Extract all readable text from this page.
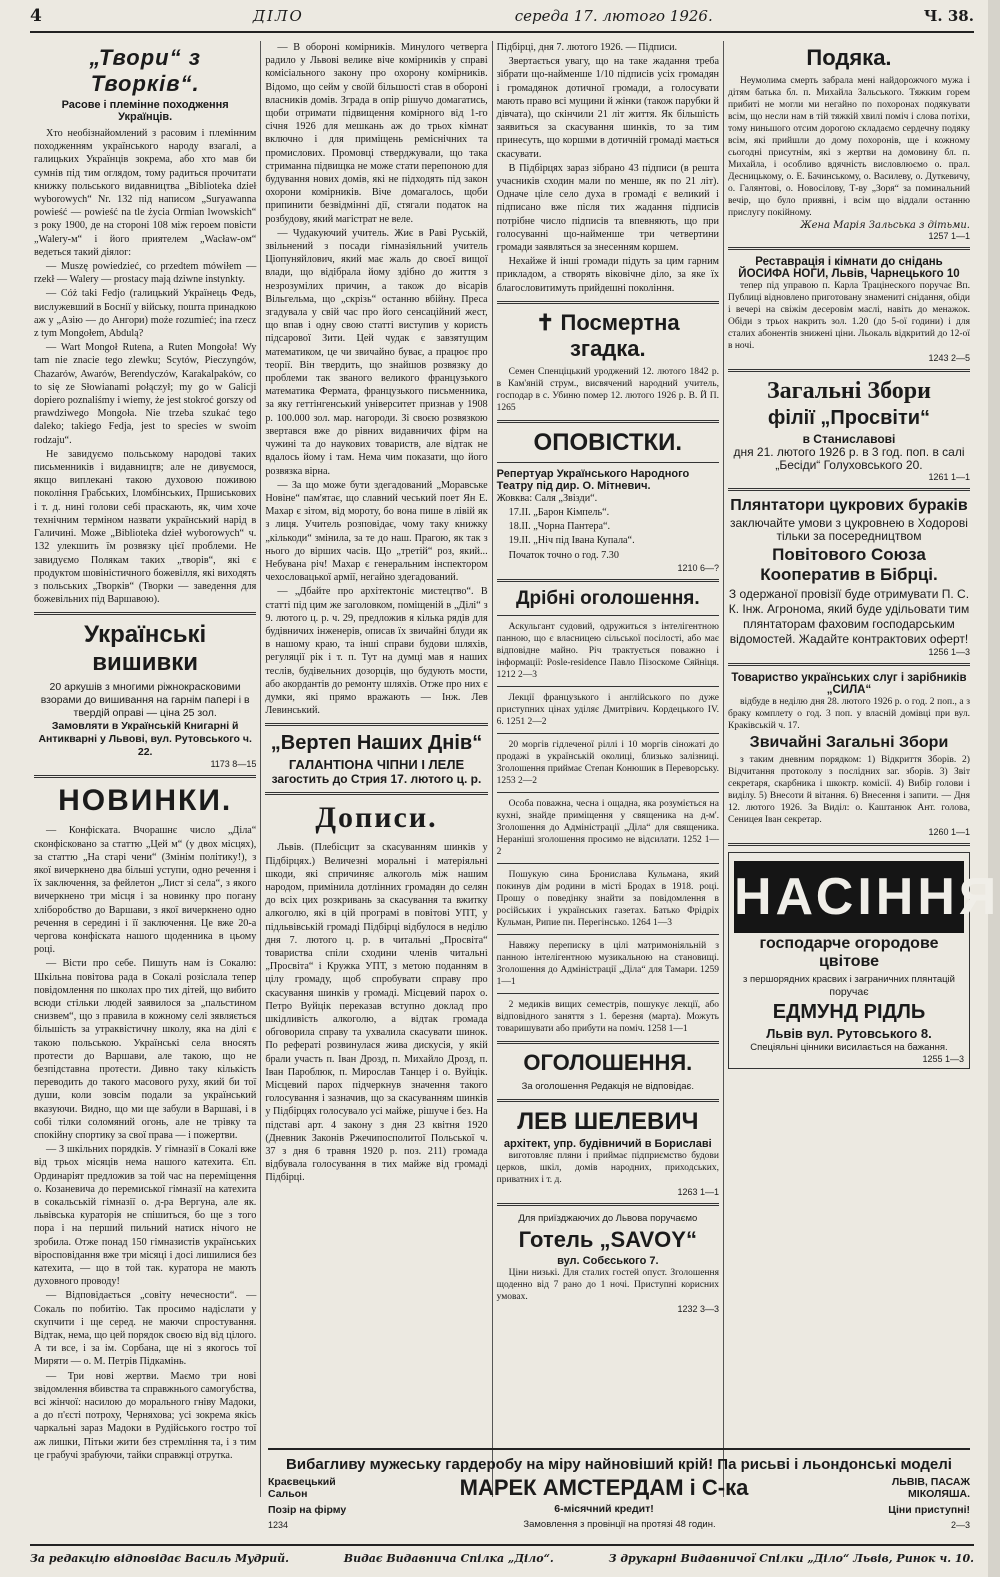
4	ДІЛО	середа 17. лютого 1926.	Ч. 38.
„Твори“ з Творків“.
Расове і племінне походження Українців.

Хто необізнайомлений з расовим і племінним походженням українського народу взагалі, а галицьких Українців зокрема, або хто мав би сумнів під тим оглядом, тому радиться прочитати книжку польського видавництва „Biblioteka dzieł wyborowych“ Nr. 132 під написом „Suryawanna powieść — powieść na tle życia Ormian lwowskich“ з року 1900, де на стороні 108 між героем повісти „Walery-м“ і його приятелем „Wacław-ом“ ведеться такий діялог:

— Muszę powiedzieć, co przedtem mówiłem — rzekł — Walery — prostacy mają dziwne instynkty.

— Cóż taki Fedjo (галицький Українець Федь, вислужевший в Боснії у війську, пошта принадкою аж у „Азію — до Ангори) może rozumieć; ina rzecz z tym Mongołem, Abdulą?

— Wart Mongoł Rutena, a Ruten Mongoła! Wy tam nie znacie tego zlewku; Scytów, Pieczyngów, Chazarów, Awarów, Berendyczów, Karakalpaków, co to się ze Słowianami połączył; my go w Galicji dopiero poznaliśmy i wiemy, że jest stokroć gorszy od prawdziwego Mongoła. Nie trzeba szukać tego daleko; takiego Fedja, jest to species w swoim rodzaju“.

Не завидуємо польському народові таких письменників і видавництв; але не дивуємося, якщо виплекані такою духовою поживою покоління Грабських, Іломбінських, Пршиськових і т. д. нині голови себі праскають, як, чим хоче технічним терміном назвати український нарід в Галичині. Може „Biblioteka dzieł wyborowych“ ч. 132 улекшить їм розвязку цієї проблеми. Не завидуємо Полякам таких „творів“, які є продуктом шовіністичного божевілля, які виходять з польських „Творків“ (Творки — заведення для божевільних під Варшавою).

Українські вишивки
20 аркушів з многими ріжнокрасковими взорами до вишивання на гарнім папері і в твердій оправі — ціна 25 зол.
Замовляти в Українській Книгарні й Антикварні у Львові, вул. Рутовського ч. 22.
1173 8—15
НОВИНКИ.

— Конфіската. Вчорашнє число „Діла“ сконфісковано за статтю „Цей м“ (у двох місцях), за статтю „На старі чени“ (Змінім політику!), з якої вичеркнено два більші уступи, одно речення і їх заключення, за фейлетон „Лист зі села“, з якого вичеркнено три місця і за новинку про погану хліборобство до Варшави, з якої вичеркнено одно речення в середині і її заключення. Це вже 20-а чергова конфіската нашого щоденника в цьому році.

— Вісти про себе. Пишуть нам із Сокалю: Шкільна повітова рада в Сокалі розіслала тепер повідомлення по школах про тих дітей, що вибито всюди стільки людей заявилося за „пальстином снизвем“, що з правила в кожному селі зявляється більшість за утраквістичну школу, яка на ділі є такою польською. Українські села вносять протести до Варшави, але такою, що не безпідставна протести. Дивно таку кількість переводить до такого масового руху, який би тої души, коли зовсім подали за український вказуючи. Видно, що ми ще забули в Варшаві, і в собі тілки соломяний огонь, але не трівку та спокійну спортику за свої права — і пожертви.

— З шкільних порядків. У гімназії в Сокалі вже від трьох місяців нема нашого катехита. Єп. Ординаріят предложив за той час на переміщення о. Козаневича до перемиської гімназії на катехита в сокальській гімназії о. д-ра Вергуна, але як. львівська кураторія не спішиться, бо ще з того пора і на перший пильний натиск нічого не зробила. Отже понад 150 гімназистів українських віросповідання вже три місяці і досі лишилися без катехита, — що в той так. куратора не мають духовного проводу!

— Відповідається „совіту нечесности“. — Сокаль по побитію. Так просимо надіслати у скупчити і ще серед. не маючи спростування. Відтак, нема, що цей порядок своєю від від цілого. А ти все, і за ім. Сорбана, ще ні з якогось тої Миряти — о. М. Петрів Підкамінь.

— Три нові жертви. Маємо три нові звідомлення вбивства та справжнього самогубства, всі жінчої: насилою до морального гніву Мадоки, а до п'єсті потроху, Черняхова; усі зокрема якісь чаркальні зараз Мадоки в Рудійського гостро тої аж лишки, Пітьки жити без стремління та, і з тим це грабучі зрабуючи, тайки справжці отрутка.

— В обороні комірників. Минулого четверга радило у Львові велике віче комірників у справі комісіального закону про охорону комірників. Відомо, що сейм у своїй більшості став в обороні власників домів. Зграда в опір рішучо домагатись, щоби отримати підвищення комірного від 1-го січня 1926 для мешкань аж до трьох кімнат включно і для приміщень реміснічних та промислових. Промовці стверджували, що така стриманна підвищка не може стати перепоною для будування нових домів, які не підходять під закон охорони комірників. Віче домагалось, щоби припинити безвідмінні дії, стягали податок на розбудову, який магістрат не веле.

— Чудакуючий учитель. Жиє в Раві Руській, звільнений з посади гімназіяльний учитель Ціопуняйлович, який має жаль до своєї вищої влади, що відібрала йому здібно до життя з незрозумілих причин, а також до вісарів Вільгельма, що „скрізь“ останню вбійну. Преса згадувала у свій час про його сенсаційний жест, що впав і одну свою статті виступив у користь підсарової Зити. Цей чудак є завзятущим математиком, це чи звичайно буває, а працює про теорії. Він твердить, що знайшов розвязку до проблеми так званого великого французького математика Фермата, французького письменника, за яку геттінгенський університет признав у 1908 р. 100.000 зол. мар. нагороди. Зі своєю розвязкою звертався вже до рівних видавничих фірм на чужині та до наукових товариств, але відтак не вдалось йому і там. Нема чим показати, що його розвязка вірна.

— За що може бути здегадований „Моравське Новіне“ пам'ятає, що славний чеський поет Ян Е. Махар є зітом, від мороту, бо вона пише в лівій як з лиця. Учитель розповідає, чому таку книжку „кількоди“ змінила, за те до наш. Прагою, як так з нього до вірших часів. Що „третій“ роз, який... Небувана річ! Махар є генеральним інспектором чехословацької армії, негайно здегадований.

— „Дбайте про архітектоніє мистецтво“. В статті під цим же заголовком, поміщеній в „Ділі“ з 9. лютого ц. р. ч. 29, предложив я кілька рядів для будівничих інженерів, описав їх звичайні блуди як в нашому краю, та інші справи будови шляхів, регуляції рік і т. п. Тут на думці мав я наших теслів, будівельних дозорців, що будують мости, або акордантів до ремонту шляхів. Отже про них є думки, які прямо вражають — Інж. Лев Левинський.

„Вертеп Наших Днів“
ГАЛАНТІОНА ЧІПНИ І ЛЕЛЕ
загостить до Стрия 17. лютого ц. р.
Дописи.

Львів. (Плебісцит за скасуванням шинків у Підбірцях.) Величезні моральні і матеріяльні шкоди, які спричиняє алкоголь між нашим народом, примінила дотлінних громадян до селян до всіх цих розкривань за скасування та вжитку алкоголю, які в цій програмі в повітові УПТ, у підльвівській громаді Підбірці відбулося в неділю дня 7. лютого ц. р. в читальні „Просвіта“ товариства спіли сходини членів читальні „Просвіта“ і Кружка УПТ, з метою поданням в цілу громаду, щоб спробувати справу про скасування шинків у громаді. Місцевий парох о. Петро Вуйцік переказав вступно доклад про шкідливість алкоголю, а відтак громада обговорила справу та ухвалила скасувати шинок. По рефераті розвинулася жива дискусія, у якій брали участь п. Іван Дрозд, п. Михайло Дрозд, п. Іван Пароблюк, п. Мирослав Танцер і о. Вуйцік. Місцевий парох підчеркнув значення такого голосування і зазначив, що за скасуванням шинків у Підбірцях голосувало усі майже, рішуче і без. На підставі арт. 4 закону з дня 23 квітня 1920 (Дневник Законів Ржечипосполитої Польської ч. 37 з дня 6 травня 1920 р. поз. 211) громада відбувала голосування в тих майже від громаді Підбірці.

Підбірці, дня 7. лютого 1926. — Підписи.

Звертається увагу, що на таке жадання треба зібрати що-найменше 1/10 підписів усіх громадян і громадянок дотичної громади, а голосувати мають право всі мущини й жінки (також парубки й дівчата), що скінчили 21 літ життя. Як більшість заявиться за скасування шинків, то за тим принесуть, що коршми в дотичній громаді мається скасувати.

В Підбірцях зараз зібрано 43 підписи (в решта учасників сходин мали по менше, як по 21 літ). Одначе ціле село духа в громаді є великий і підписано вже після тих жадання підписів потрібне число підписів та впевняють, що при голосуванні що-найменше три четвертини громади заявляться за знесенням коршем.

Нехайже й інші громади підуть за цим гарним прикладом, а створять віковічне діло, за яке їх благословитимуть прийдешні покоління.

✝ Посмертна згадка.

Семен Спенціцький уроджений 12. лютого 1842 р. в Кам'яній струм., висвячений народний учитель, господар в с. Убиню помер 12. лютого 1926 р. В. Й П. 1265

ОПОВІСТКИ.
Репертуар Українського Народного Театру під дир. О. Мітневич.
Жовква: Саля „Звізди“.
17.II. „Барон Кімпель“.
18.II. „Чорна Пантера“.
19.II. „Ніч під Івана Купала“.
Початок точно о год. 7.30
1210 6—?
Дрібні оголошення.

Аскульгант судовий, одружиться з інтелігентною панною, що є власницею сільської посілості, або має відповідне майно. Річ трактується поважно і інформації: Posle-residence Павло Пізоскоме Сяйніця. 1212 2—3

Лекції французького і англійського по дуже приступних цінах уділяє Дмитрівич. Кордецького IV. 6. 1251 2—2

20 моргів гідлеченої ріллі і 10 моргів сіножаті до продажі в українській околиці, близько залізниці. Зголошення приймає Степан Конюшик в Переворську. 1253 2—2

Особа поважна, чесна і ощадна, яка розуміється на кухні, знайде приміщення у священика на д-м'. Зголошення до Адміністрації „Діла“ для священика. Нераніші зголошення просимо не відсилати. 1252 1—2

Пошукую сина Бронислава Кульмана, який покинув дім родини в місті Бродах в 1918. році. Прошу о поведінку знайти за повідомлення в російських і українських газетах. Батько Фрідріх Кульман, Рипие пн. Перегінсько. 1264 1—3

Навяжу переписку в цілі матримоніяльній з панною інтелігентною музикальною на становищі. Зголошення до Адміністрації „Діла“ для Тамари. 1259 1—1

2 медиків вищих семестрів, пошукує лекції, або відповідного заняття з 1. березня (марта). Можуть товаришувати або прибути на поміч. 1258 1—1

ОГОЛОШЕННЯ.
За оголошення Редакція не відповідає.
ЛЕВ ШЕЛЕВИЧ
архітект, упр. будівничий в Бориславі

виготовляє пляни і приймає підприємство будови церков, шкіл, домів народних, приходських, приватних і т. д.

1263 1—1
Для приїзджаючих до Львова поручаємо
Готель „SAVOY“
вул. Собєського 7.

Ціни низькі. Для сталих гостей опуст. Зголошення щоденно від 7 рано до 1 ночі. Приступні корисних умовах.

1232 3—3
Подяка.

Неумолима смерть забрала мені найдорожчого мужа і дітям батька бл. п. Михайла Зальського. Тяжким горем прибиті не могли ми негайно по похоронах подякувати всім, що несли нам в тій тяжкій хвилі поміч і слова потіхи, тому ниньшого отсим дорогою складаємо сердечну подяку всім, які прийшли до дому похоронів, ще і кожному сьогодні присутнім, які з жертви на домовину бл. п. Михайла, і особливо вдячність висловлюємо о. прал. Десницькому, о. Е. Бачинському, о. Василеву, о. Дуткевичу, о. Галянтові, о. Новосілову, Т-ву „Зоря“ за поминальний вечір, що було приявні, і всім що віддали останню прислугу покійному.

Жена Марія Зальська з дітьми.
1257 1—1
Реставрація і кімнати до снідань ЙОСИФА НОГИ, Львів, Чарнецького 10

тепер під управою п. Карла Трацінеского поручає Вп. Публиці відновлено приготовану знамениті снідання, обіди і вечері на свіжім десеровім маслі, навіть до менажок. Обіди з трьох накрить зол. 1.20 (до 5-ої години) і для сталих абонентів знижені ціни. Льокаль відкритий до 12-ої в ночі.

1243 2—5
Загальні Збори
філії „Просвіти“
в Станиславові
дня 21. лютого 1926 р. в 3 год. поп. в салі „Бесіди“ Голуховського 20.
1261 1—1
Плянтатори цукрових бураків
заключайте умови з цукровнею в Ходорові тільки за посередництвом
Повітового Союза Кооператив в Бібрці.
З одержаної провізії буде отримувати П. С. К. Інж. Агронома, який буде удільовати тим плянтаторам фаховим господарським відомостей. Жадайте контрактових оферт!
1256 1—3
Товариство українських слуг і зарібників „СИЛА“

відбуде в неділю дня 28. лютого 1926 р. о год. 2 поп., а з браку комплету о год. 3 поп. у власній домівці при вул. Краківській ч. 17.

Звичайні Загальні Збори

з таким дневним порядком: 1) Відкриття Зборів. 2) Відчитання протоколу з послідних заг. зборів. 3) Звіт секретаря, скарбника і шкоктр. комісії. 4) Вибір голови і виділу. 5) Внесоти й вітання. 6) Внесення і запити. — Дня 12. лютого 1926. За Виділ: о. Каштанюк Ант. голова, Сеницея Іван секретар.

1260 1—1
НАСІННЯ
господарче огородове цвітове
з першорядних красвих і заграничних плянтацій
поручає
ЕДМУНД РІДЛЬ
Львів вул. Рутовського 8.
Спеціяльні цінники висилається на бажання.
1255 1—3
Вибагливу мужеську гардеробу на міру найновіший крій! Па рисьві і льондонські моделі
Краєвецький Сальон	МАРЕК АМСТЕРДАМ і С-ка	ЛЬВІВ, ПАСАЖ МІКОЛЯША.
Позір на фірму	6-місячний кредит!	Ціни приступні!
1234	Замовлення з провінції на протязі 48 годин.	2—3
За редакцію відповідає Василь Мудрий.	Видає Видавнича Спілка „Діло“.	З друкарні Видавничої Спілки „Діло“ Львів, Ринок ч. 10.
